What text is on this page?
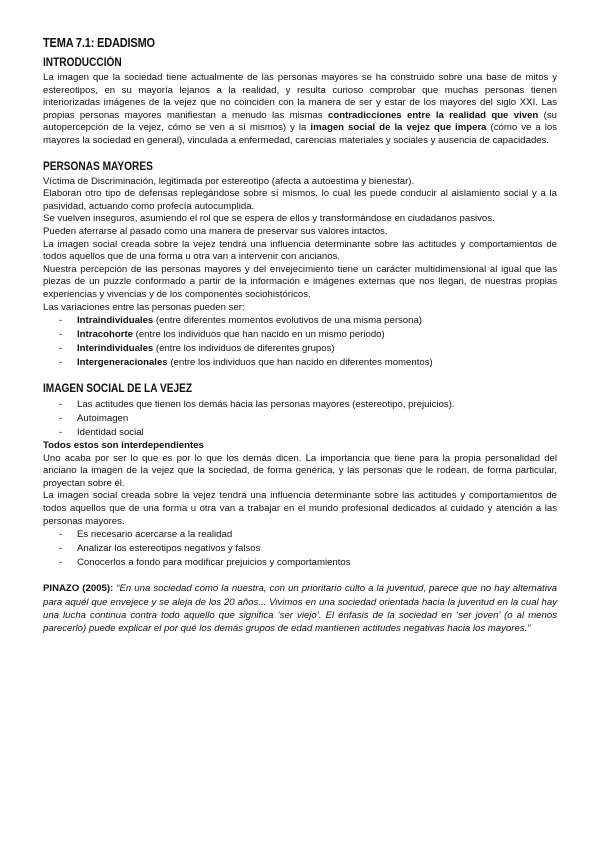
TEMA 7.1: EDADISMO
INTRODUCCIÓN

La imagen que la sociedad tiene actualmente de las personas mayores se ha construido sobre una base de mitos y estereotipos, en su mayoría lejanos a la realidad, y resulta curioso comprobar que muchas personas tienen interiorizadas imágenes de la vejez que no coinciden con la manera de ser y estar de los mayores del siglo XXI. Las propias personas mayores manifiestan a menudo las mismas contradicciones entre la realidad que viven (su autopercepción de la vejez, cómo se ven a sí mismos) y la imagen social de la vejez que impera (cómo ve a los mayores la sociedad en general), vinculada a enfermedad, carencias materiales y sociales y ausencia de capacidades.

PERSONAS MAYORES

Víctima de Discriminación, legitimada por estereotipo (afecta a autoestima y bienestar).

Elaboran otro tipo de defensas replegándose sobre sí mismos, lo cual les puede conducir al aislamiento social y a la pasividad, actuando como profecía autocumplida.

Se vuelven inseguros, asumiendo el rol que se espera de ellos y transformándose en ciudadanos pasivos.

Pueden aferrarse al pasado como una manera de preservar sus valores intactos.

La imagen social creada sobre la vejez tendrá una influencia determinante sobre las actitudes y comportamientos de todos aquellos que de una forma u otra van a intervenir con ancianos.

Nuestra percepción de las personas mayores y del envejecimiento tiene un carácter multidimensional al igual que las piezas de un puzzle conformado a partir de la información e imágenes externas que nos llegan, de nuestras propias experiencias y vivencias y de los componentes sociohistóricos.

Las variaciones entre las personas pueden ser:

- Intraindividuales (entre diferentes momentos evolutivos de una misma persona)
- Intracohorte (entre los individuos que han nacido en un mismo periodo)
- Interindividuales (entre los individuos de diferentes grupos)
- Intergeneracionales (entre los individuos que han nacido en diferentes momentos)
IMAGEN SOCIAL DE LA VEJEZ
- Las actitudes que tienen los demás hacia las personas mayores (estereotipo, prejuicios).
- Autoimagen
- Identidad social

Todos estos son interdependientes

Uno acaba por ser lo que es por lo que los demás dicen. La importancia que tiene para la propia personalidad del anciano la imagen de la vejez que la sociedad, de forma genérica, y las personas que le rodean, de forma particular, proyectan sobre él.

La imagen social creada sobre la vejez tendrá una influencia determinante sobre las actitudes y comportamientos de todos aquellos que de una forma u otra van a trabajar en el mundo profesional dedicados al cuidado y atención a las personas mayores.

- Es necesario acercarse a la realidad
- Analizar los estereotipos negativos y falsos
- Conocerlos a fondo para modificar prejuicios y comportamientos

PINAZO (2005): “En una sociedad como la nuestra, con un prioritario culto a la juventud, parece que no hay alternativa para aquél que envejece y se aleja de los 20 años... Vivimos en una sociedad orientada hacia la juventud en la cual hay una lucha continua contra todo aquello que significa ‘ser viejo’. El énfasis de la sociedad en ‘ser joven’ (o al menos parecerlo) puede explicar el por qué los demás grupos de edad mantienen actitudes negativas hacia los mayores.”
